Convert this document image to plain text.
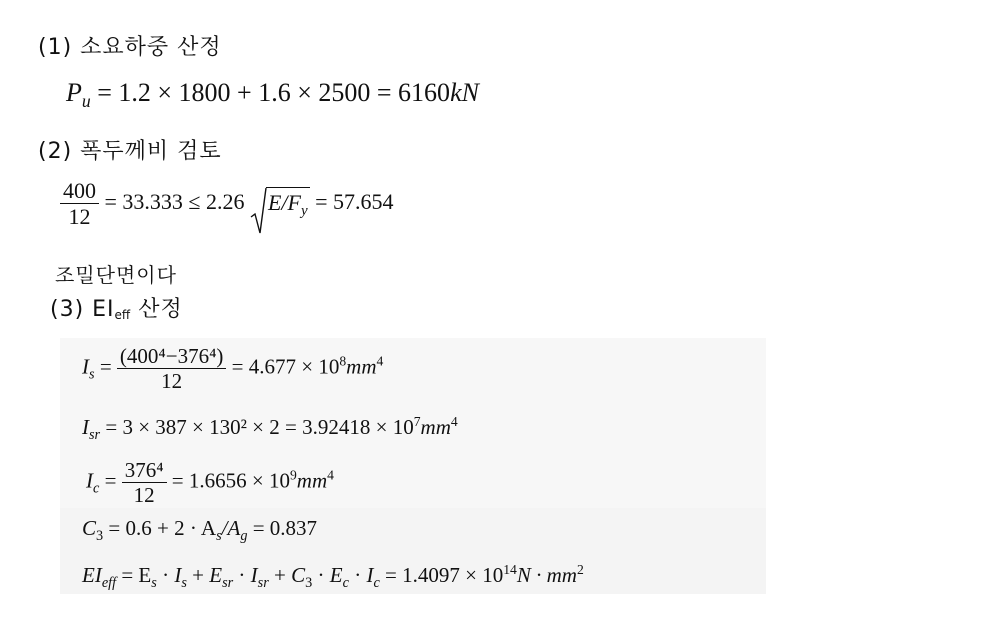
(1) 소요하중 산정
$P_u = 1.2 \times 1800 + 1.6 \times 2500 = 6160kN$
(2) 폭두께비 검토
$\frac{400}{12} = 33.333 \le 2.26$ $E/F_y = 57.654$
조밀단면이다
(3) EIeff 산정
$I_s = \frac{\text{(400⁴−376⁴)}}{12} = 4.677 \times 10^8mm^4$
$I_{sr} = 3 \times 387 \times 130^2 \times 2 = 3.92418 \times 10^7mm^4$
$I_c = \frac{\text{376⁴}}{12} = 1.6656 \times 10^9mm^4$
$C_3 = 0.6 + 2 \cdot A_s/A_g = 0.837$
$EI_{eff} = E_s \cdot I_s + E_{sr} \cdot I_{sr} + C_3 \cdot E_c \cdot I_c = 1.4097 \times 10^{14}N \cdot mm^2$
